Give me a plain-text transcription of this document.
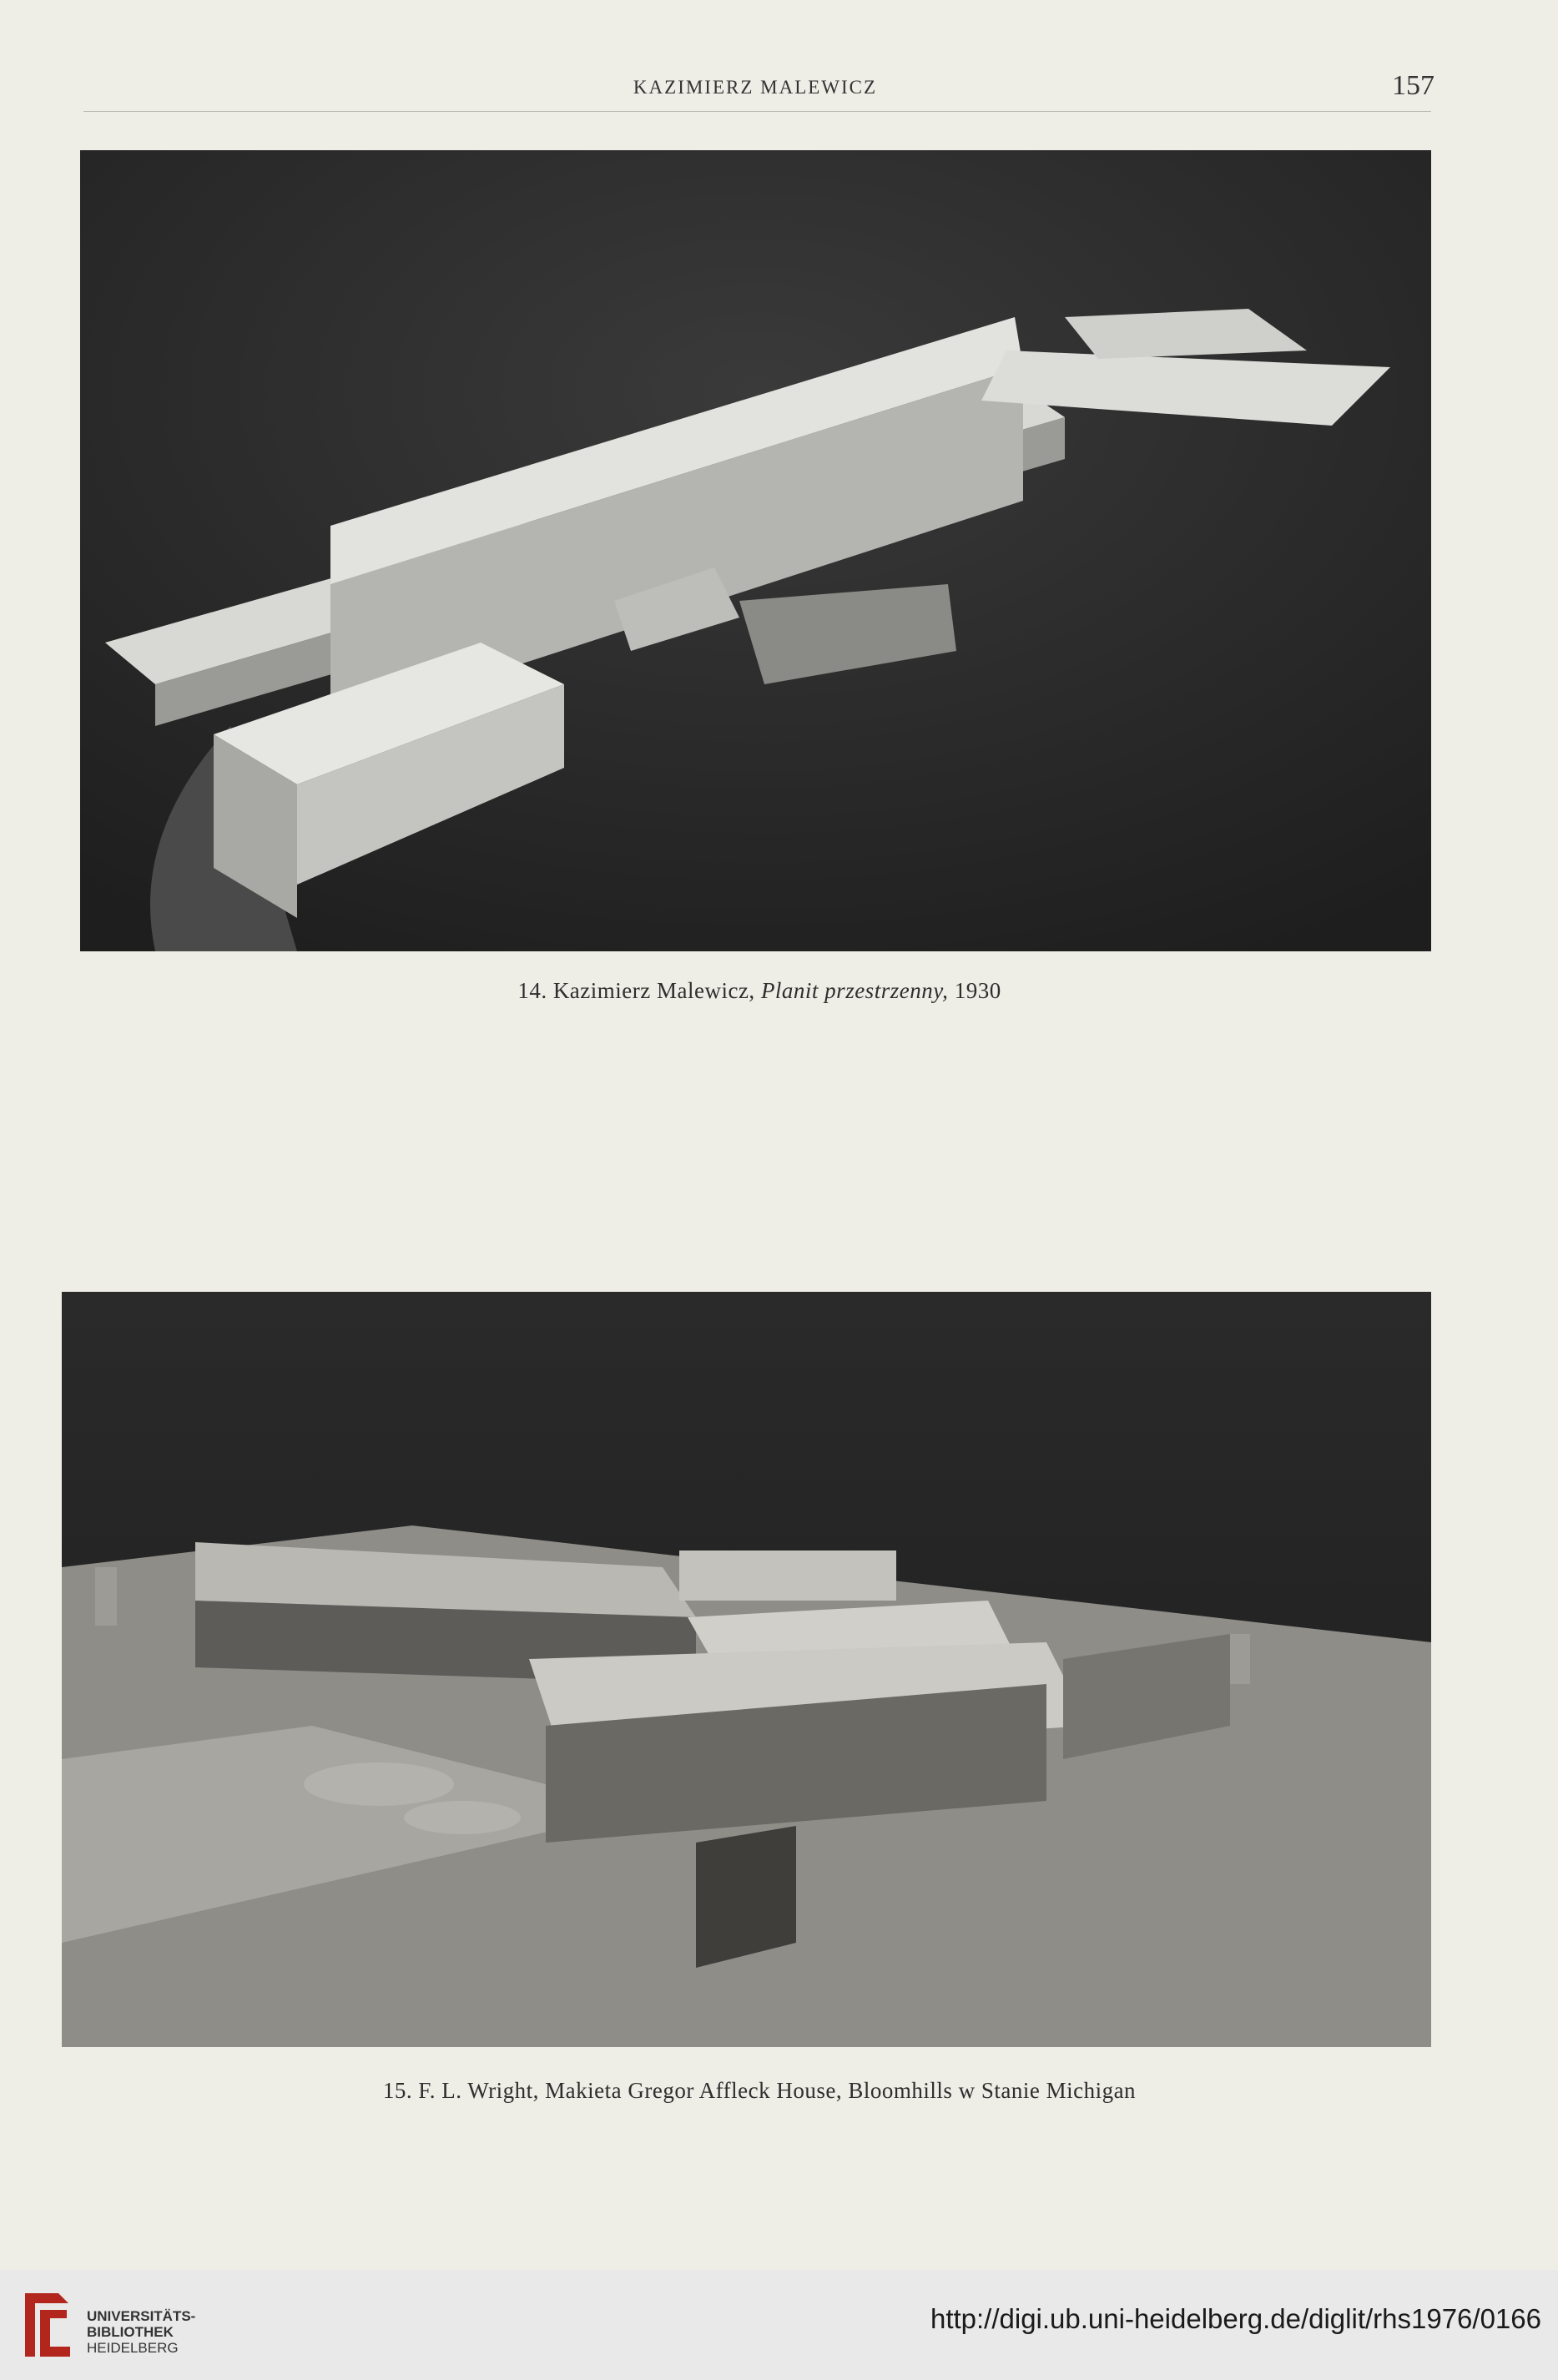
KAZIMIERZ MALEWICZ	157
14. Kazimierz Malewicz, Planit przestrzenny, 1930
15. F. L. Wright, Makieta Gregor Affleck House, Bloomhills w Stanie Michigan
UNIVERSITÄTS-
BIBLIOTHEK
HEIDELBERG
http://digi.ub.uni-heidelberg.de/diglit/rhs1976/0166
